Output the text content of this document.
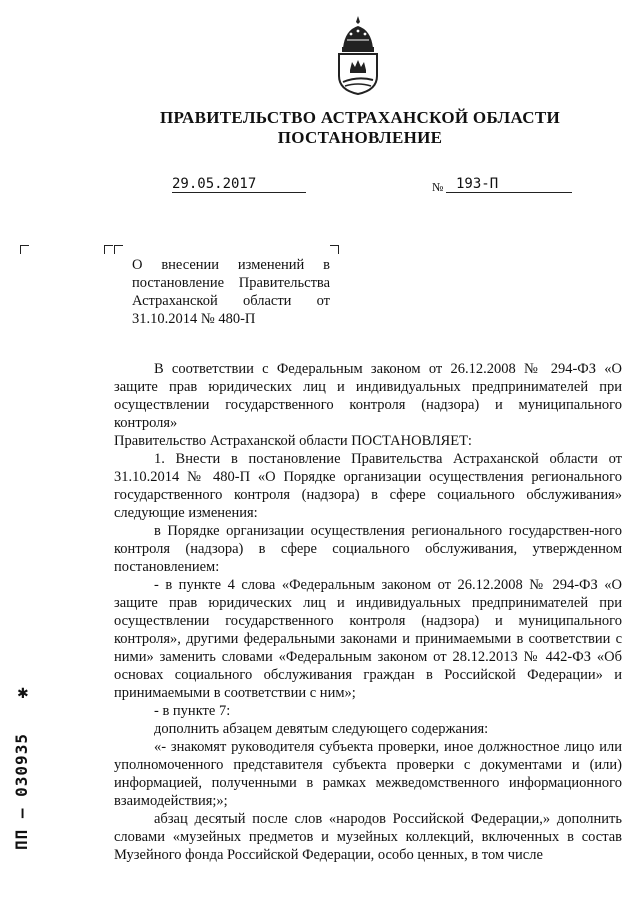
ПРАВИТЕЛЬСТВО АСТРАХАНСКОЙ ОБЛАСТИ
ПОСТАНОВЛЕНИЕ
29.05.2017	№ 193-П
О внесении изменений в постановление Правительства Астраханской области от 31.10.2014 № 480-П

В соответствии с Федеральным законом от 26.12.2008 № 294-ФЗ «О защите прав юридических лиц и индивидуальных предпринимателей при осуществлении государственного контроля (надзора) и муниципального контроля»

Правительство Астраханской области ПОСТАНОВЛЯЕТ:

1. Внести в постановление Правительства Астраханской области от 31.10.2014 № 480-П «О Порядке организации осуществления регионального государственного контроля (надзора) в сфере социального обслуживания» следующие изменения:

в Порядке организации осуществления регионального государствен-ного контроля (надзора) в сфере социального обслуживания, утвержденном постановлением:

- в пункте 4 слова «Федеральным законом от 26.12.2008 № 294-ФЗ «О защите прав юридических лиц и индивидуальных предпринимателей при осуществлении государственного контроля (надзора) и муниципального контроля», другими федеральными законами и принимаемыми в соответствии с ними» заменить словами «Федеральным законом от 28.12.2013 № 442-ФЗ «Об основах социального обслуживания граждан в Российской Федерации» и принимаемыми в соответствии с ним»;

- в пункте 7:

дополнить абзацем девятым следующего содержания:

«- знакомят руководителя субъекта проверки, иное должностное лицо или уполномоченного представителя субъекта проверки с документами и (или) информацией, полученными в рамках межведомственного информационного взаимодействия;»;

абзац десятый после слов «народов Российской Федерации,» дополнить словами «музейных предметов и музейных коллекций, включенных в состав Музейного фонда Российской Федерации, особо ценных, в том числе

ПП – 030935
✱
